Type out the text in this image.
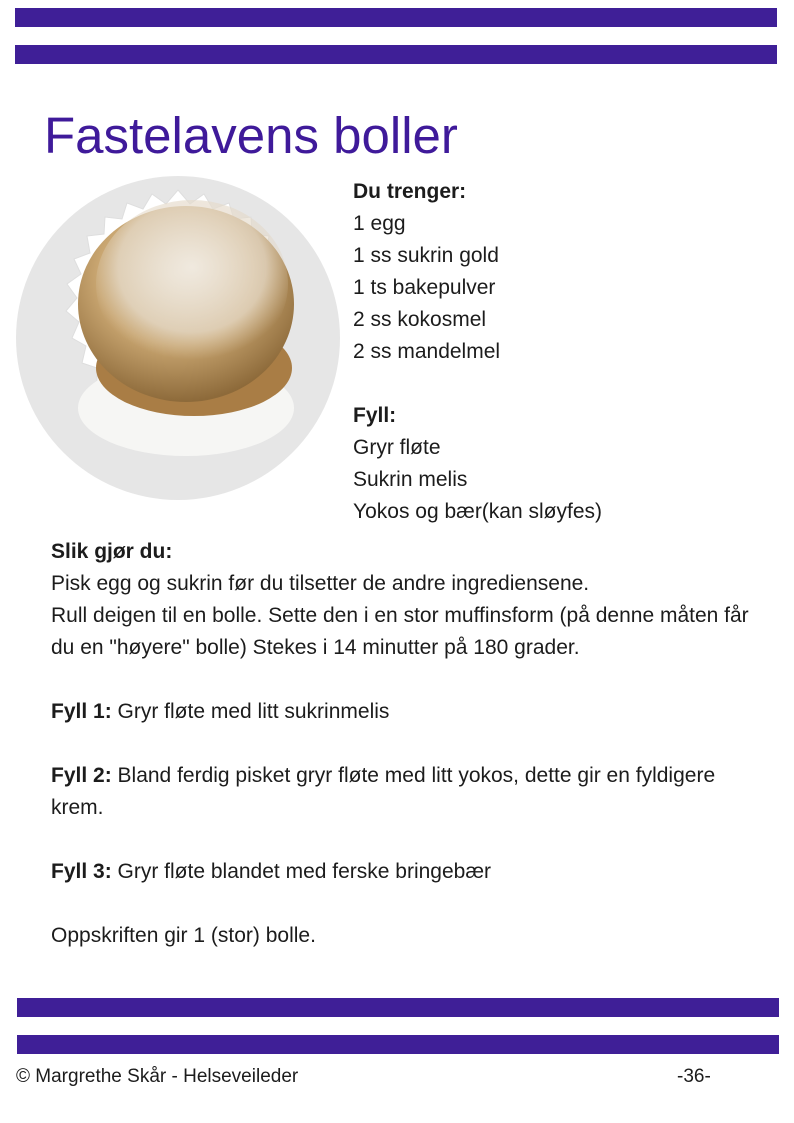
Fastelavens boller
Du trenger:
1 egg
1 ss sukrin gold
1 ts bakepulver
2 ss kokosmel
2 ss mandelmel
Fyll:
Gryr fløte
Sukrin melis
Yokos og bær(kan sløyfes)

Slik gjør du:

Pisk egg og sukrin før du tilsetter de andre ingrediensene.

Rull deigen til en bolle. Sette den i en stor muffinsform (på denne måten får du en "høyere" bolle) Stekes i 14 minutter på 180 grader.

Fyll 1: Gryr fløte med litt sukrinmelis

Fyll 2: Bland ferdig pisket gryr fløte med litt yokos, dette gir en fyldigere krem.

Fyll 3: Gryr fløte blandet med ferske bringebær

Oppskriften gir 1 (stor) bolle.

© Margrethe Skår - Helseveileder	-36-
